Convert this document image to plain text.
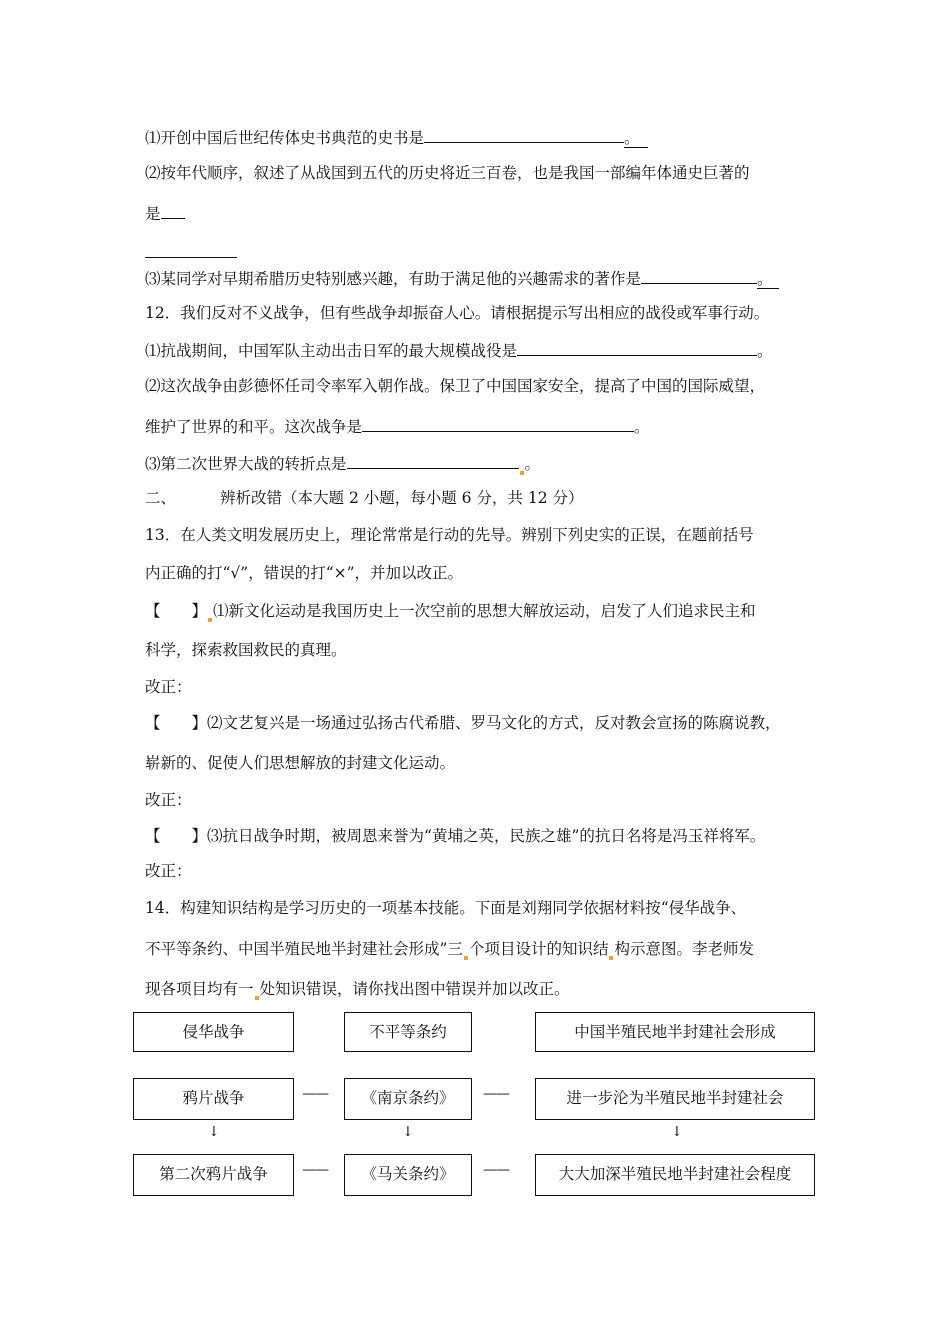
⑴开创中国后世纪传体史书典范的史书是	。
⑵按年代顺序，叙述了从战国到五代的历史将近三百卷，也是我国一部编年体通史巨著的
是
⑶某同学对早期希腊历史特别感兴趣，有助于满足他的兴趣需求的著作是	。
12．我们反对不义战争，但有些战争却振奋人心。请根据提示写出相应的战役或军事行动。
⑴抗战期间，中国军队主动出击日军的最大规模战役是	。
⑵这次战争由彭德怀任司令率军入朝作战。保卫了中国国家安全，提高了中国的国际威望，
维护了世界的和平。这次战争是	。
⑶第二次世界大战的转折点是	。
二、	辨析改错（本大题 2 小题，每小题 6 分，共 12 分）
13．在人类文明发展历史上，理论常常是行动的先导。辨别下列史实的正误，在题前括号
内正确的打“√”，错误的打“×”，并加以改正。
【　　】 ⑴新文化运动是我国历史上一次空前的思想大解放运动，启发了人们追求民主和
科学，探索救国救民的真理。
改正：
【　　】⑵文艺复兴是一场通过弘扬古代希腊、罗马文化的方式，反对教会宣扬的陈腐说教，
崭新的、促使人们思想解放的封建文化运动。
改正：
【　　】⑶抗日战争时期，被周恩来誉为“黄埔之英，民族之雄”的抗日名将是冯玉祥将军。
改正：
14．构建知识结构是学习历史的一项基本技能。下面是刘翔同学依据材料按“侵华战争、
不平等条约、中国半殖民地半封建社会形成”三 个项目设计的知识结 构示意图。李老师发
现各项目均有一 处知识错误，请你找出图中错误并加以改正。
侵华战争	不平等条约	中国半殖民地半封建社会形成
鸦片战争	——	《南京条约》	——	进一步沦为半殖民地半封建社会
↓	↓	↓
第二次鸦片战争	——	《马关条约》	——	大大加深半殖民地半封建社会程度
